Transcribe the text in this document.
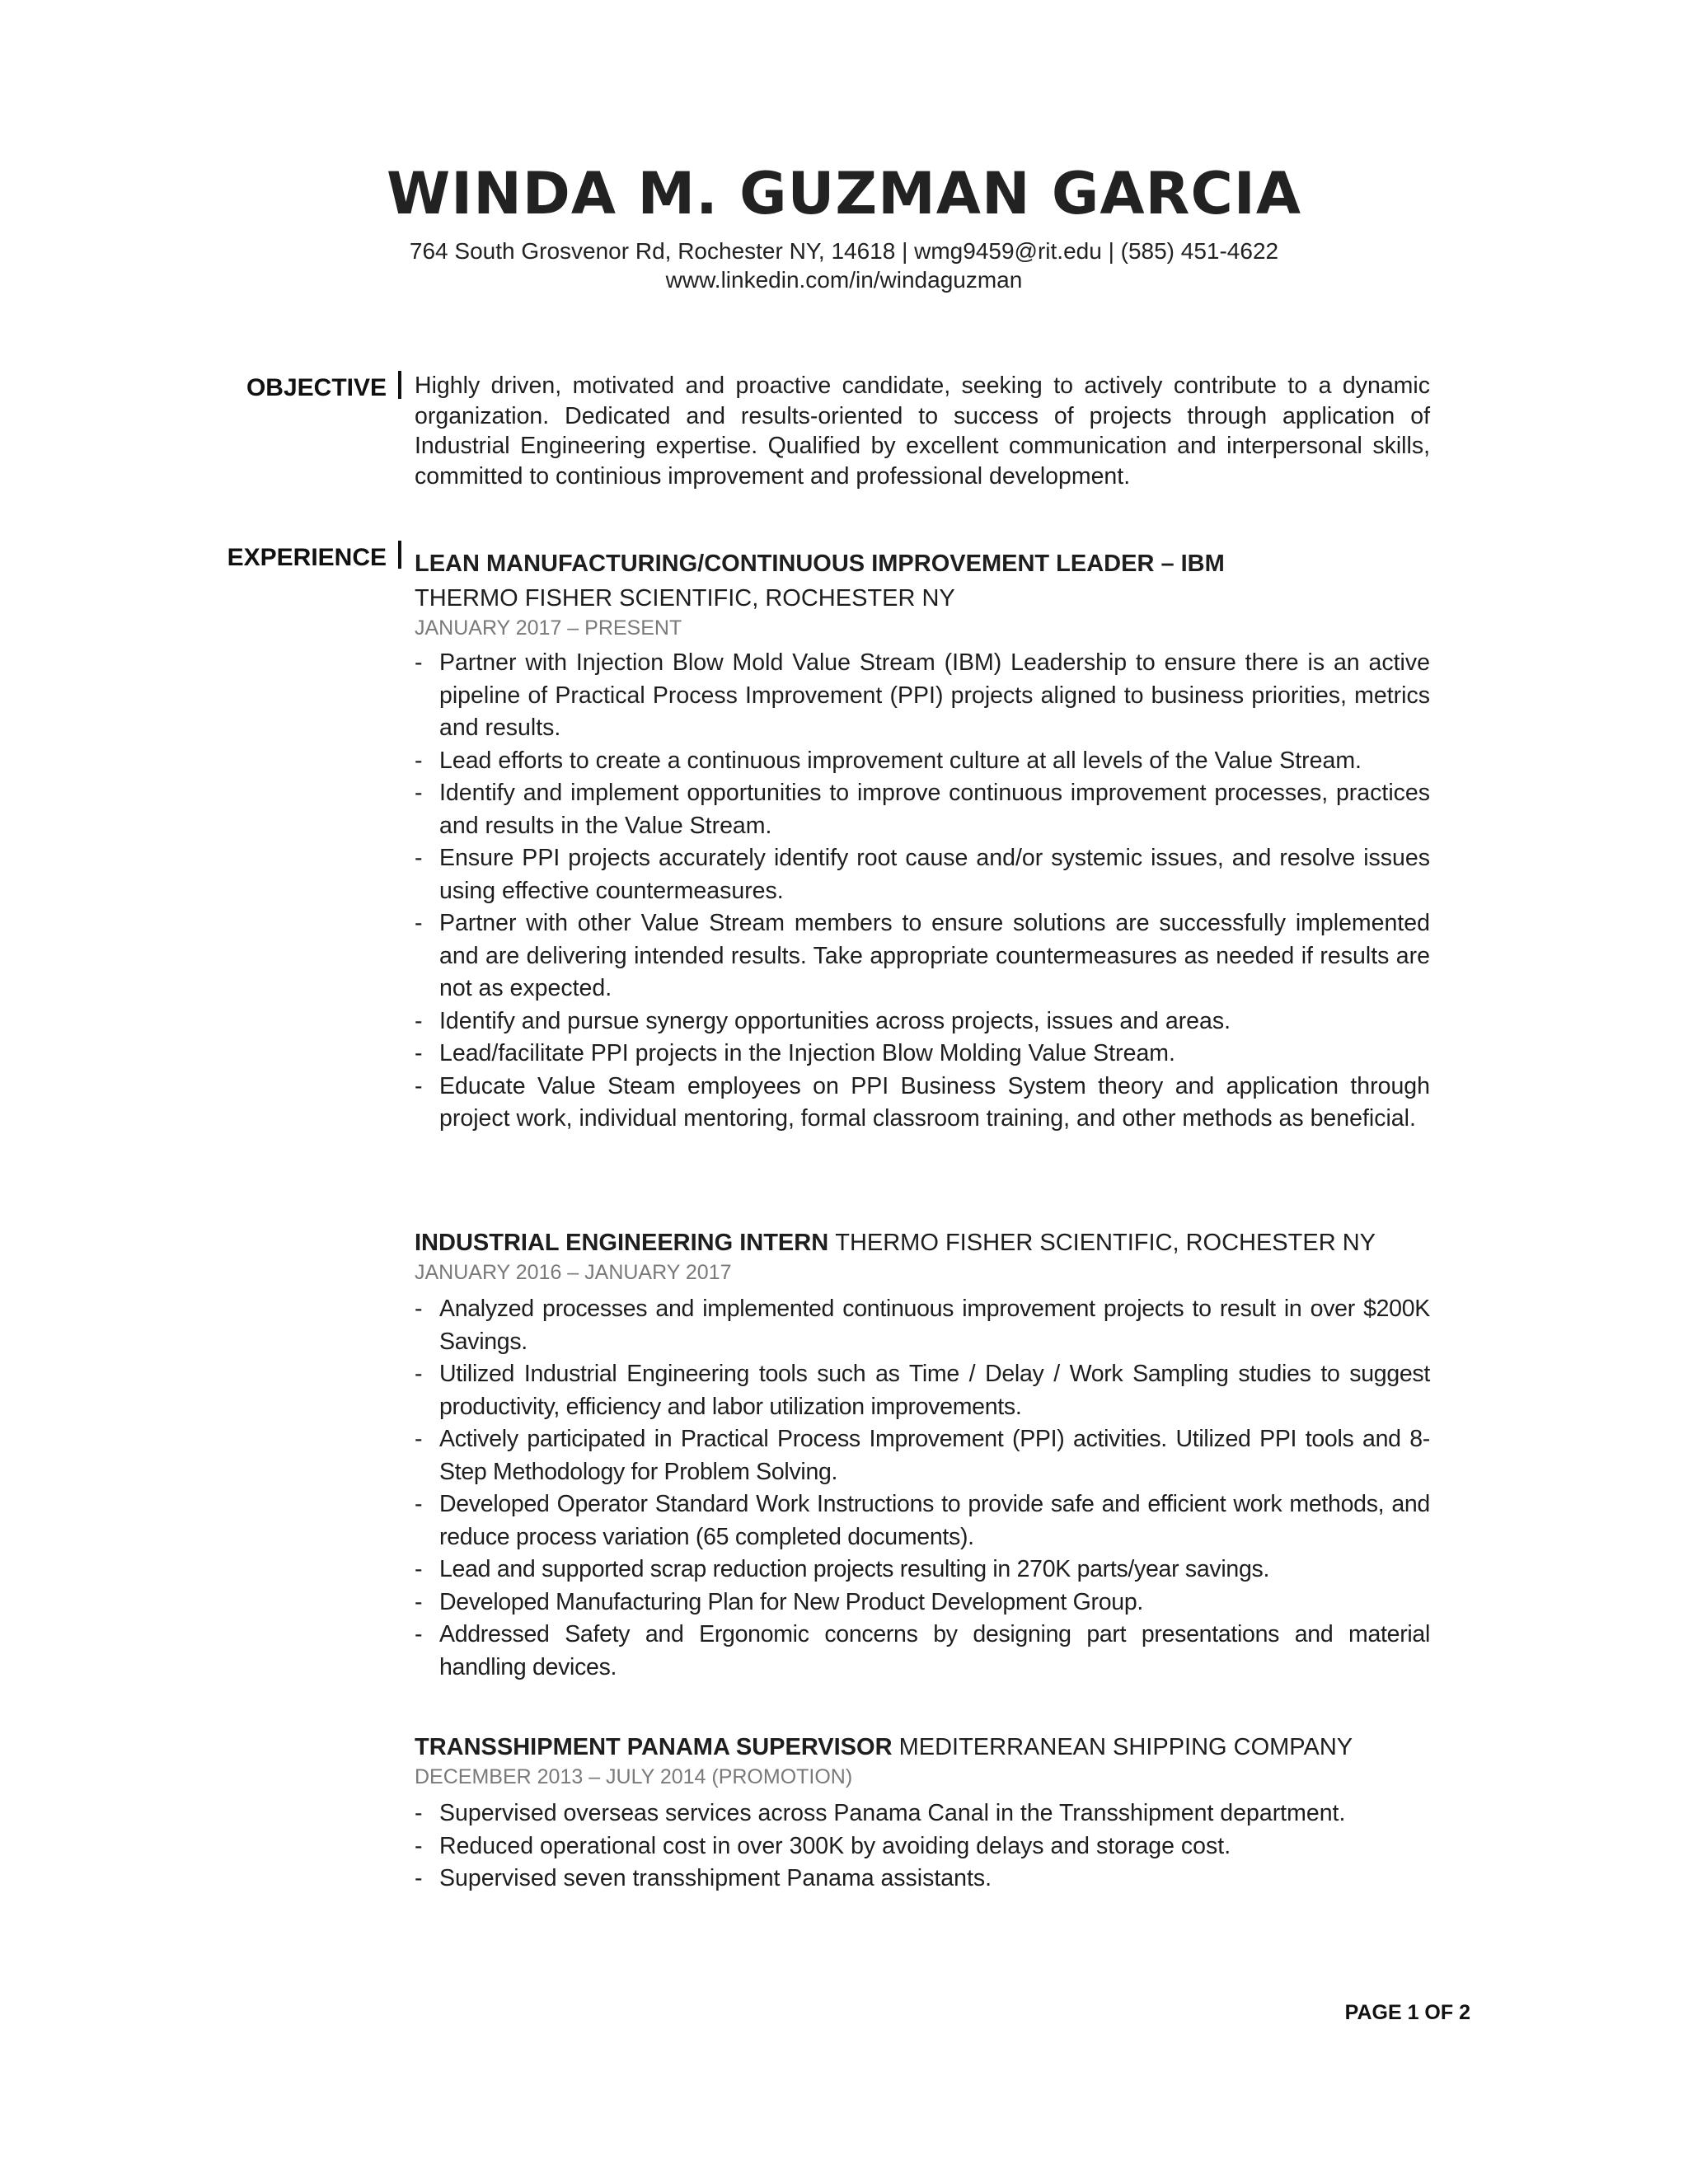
WINDA M. GUZMAN GARCIA
764 South Grosvenor Rd, Rochester NY, 14618 | wmg9459@rit.edu | (585) 451-4622
www.linkedin.com/in/windaguzman
OBJECTIVE	Highly driven, motivated and proactive candidate, seeking to actively contribute to a dynamic organization. Dedicated and results-oriented to success of projects through application of Industrial Engineering expertise. Qualified by excellent communication and interpersonal skills, committed to continious improvement and professional development.

EXPERIENCE	LEAN MANUFACTURING/CONTINUOUS IMPROVEMENT LEADER – IBM

THERMO FISHER SCIENTIFIC, ROCHESTER NY

JANUARY 2017 – PRESENT

- Partner with Injection Blow Mold Value Stream (IBM) Leadership to ensure there is an active pipeline of Practical Process Improvement (PPI) projects aligned to business priorities, metrics and results.
- Lead efforts to create a continuous improvement culture at all levels of the Value Stream.
- Identify and implement opportunities to improve continuous improvement processes, practices and results in the Value Stream.
- Ensure PPI projects accurately identify root cause and/or systemic issues, and resolve issues using effective countermeasures.
- Partner with other Value Stream members to ensure solutions are successfully implemented and are delivering intended results. Take appropriate countermeasures as needed if results are not as expected.
- Identify and pursue synergy opportunities across projects, issues and areas.
- Lead/facilitate PPI projects in the Injection Blow Molding Value Stream.
- Educate Value Steam employees on PPI Business System theory and application through project work, individual mentoring, formal classroom training, and other methods as beneficial.

INDUSTRIAL ENGINEERING INTERN THERMO FISHER SCIENTIFIC, ROCHESTER NY

JANUARY 2016 – JANUARY 2017

- Analyzed processes and implemented continuous improvement projects to result in over $200K Savings.
- Utilized Industrial Engineering tools such as Time / Delay / Work Sampling studies to suggest productivity, efficiency and labor utilization improvements.
- Actively participated in Practical Process Improvement (PPI) activities. Utilized PPI tools and 8-Step Methodology for Problem Solving.
- Developed Operator Standard Work Instructions to provide safe and efficient work methods, and reduce process variation (65 completed documents).
- Lead and supported scrap reduction projects resulting in 270K parts/year savings.
- Developed Manufacturing Plan for New Product Development Group.
- Addressed Safety and Ergonomic concerns by designing part presentations and material handling devices.

TRANSSHIPMENT PANAMA SUPERVISOR MEDITERRANEAN SHIPPING COMPANY

DECEMBER 2013 – JULY 2014 (PROMOTION)

- Supervised overseas services across Panama Canal in the Transshipment department.
- Reduced operational cost in over 300K by avoiding delays and storage cost.
- Supervised seven transshipment Panama assistants.
PAGE 1 OF 2
